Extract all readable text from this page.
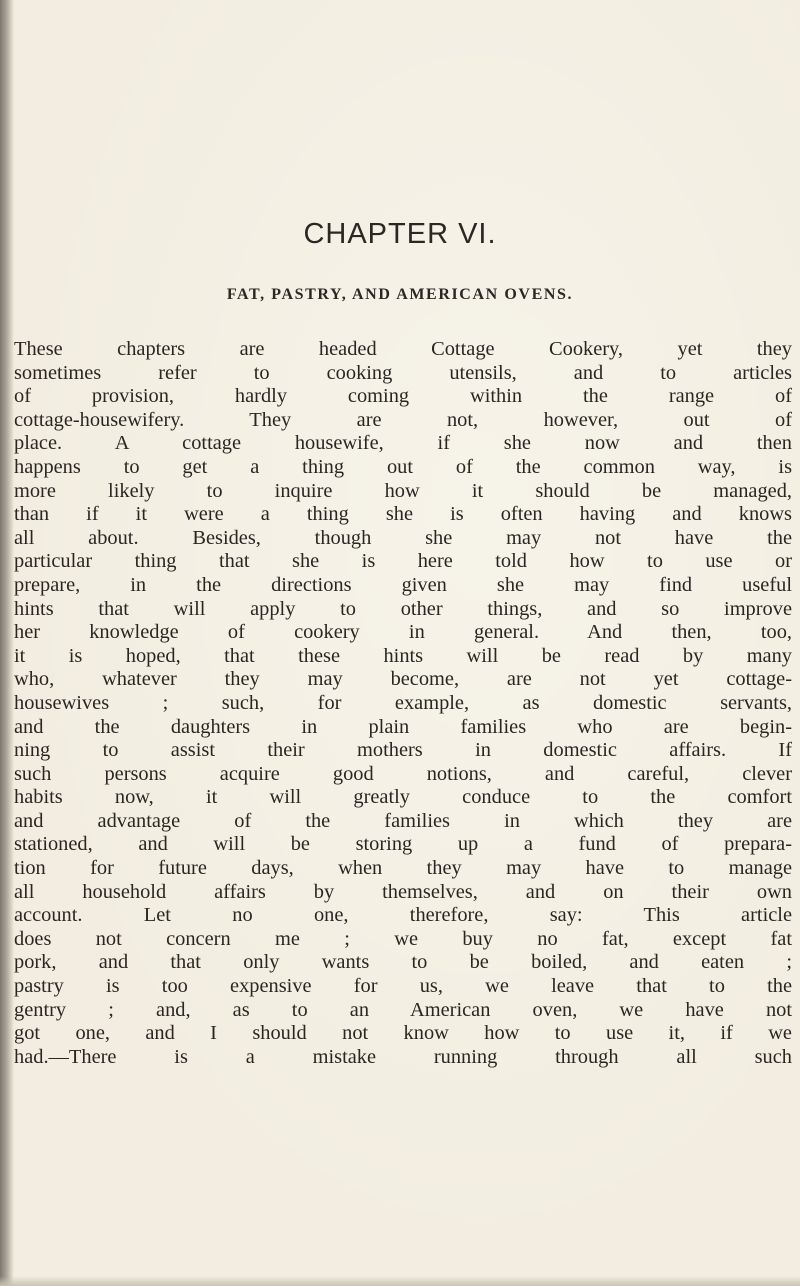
CHAPTER VI.
FAT, PASTRY, AND AMERICAN OVENS.
These chapters are headed Cottage Cookery, yet they
sometimes refer to cooking utensils, and to articles
of provision, hardly coming within the range of
cottage-housewifery. They are not, however, out of
place. A cottage housewife, if she now and then
happens to get a thing out of the common way, is
more likely to inquire how it should be managed,
than if it were a thing she is often having and knows
all about. Besides, though she may not have the
particular thing that she is here told how to use or
prepare, in the directions given she may find useful
hints that will apply to other things, and so improve
her knowledge of cookery in general. And then, too,
it is hoped, that these hints will be read by many
who, whatever they may become, are not yet cottage-
housewives ; such, for example, as domestic servants,
and the daughters in plain families who are begin-
ning to assist their mothers in domestic affairs. If
such persons acquire good notions, and careful, clever
habits now, it will greatly conduce to the comfort
and advantage of the families in which they are
stationed, and will be storing up a fund of prepara-
tion for future days, when they may have to manage
all household affairs by themselves, and on their own
account. Let no one, therefore, say: This article
does not concern me ; we buy no fat, except fat
pork, and that only wants to be boiled, and eaten ;
pastry is too expensive for us, we leave that to the
gentry ; and, as to an American oven, we have not
got one, and I should not know how to use it, if we
had.—There is a mistake running through all such
